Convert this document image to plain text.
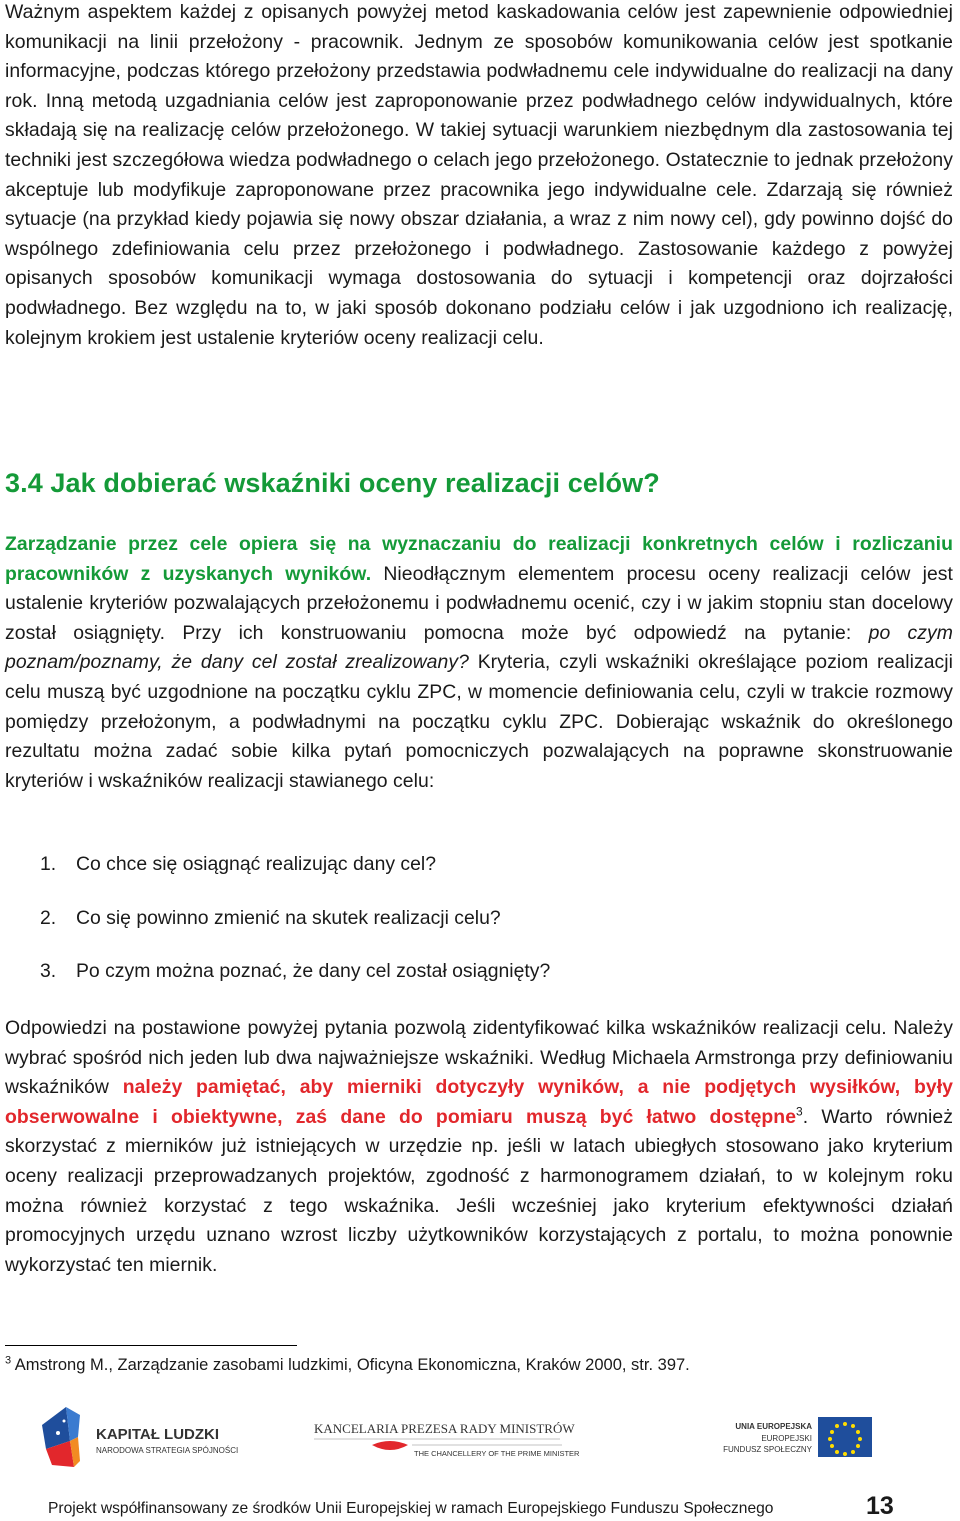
Ważnym aspektem każdej z opisanych powyżej metod kaskadowania celów jest zapewnienie odpowiedniej komunikacji na linii przełożony - pracownik. Jednym ze sposobów komunikowania celów jest spotkanie informacyjne, podczas którego przełożony przedstawia podwładnemu cele indywidualne do realizacji na dany rok. Inną metodą uzgadniania celów jest zaproponowanie przez podwładnego celów indywidualnych, które składają się na realizację celów przełożonego. W takiej sytuacji warunkiem niezbędnym dla zastosowania tej techniki jest szczegółowa wiedza podwładnego o celach jego przełożonego. Ostatecznie to jednak przełożony akceptuje lub modyfikuje zaproponowane przez pracownika jego indywidualne cele. Zdarzają się również sytuacje (na przykład kiedy pojawia się nowy obszar działania, a wraz z nim nowy cel), gdy powinno dojść do wspólnego zdefiniowania celu przez przełożonego i podwładnego. Zastosowanie każdego z powyżej opisanych sposobów komunikacji wymaga dostosowania do sytuacji i kompetencji oraz dojrzałości podwładnego. Bez względu na to, w jaki sposób dokonano podziału celów i jak uzgodniono ich realizację, kolejnym krokiem jest ustalenie kryteriów oceny realizacji celu.

3.4 Jak dobierać wskaźniki oceny realizacji celów?

Zarządzanie przez cele opiera się na wyznaczaniu do realizacji konkretnych celów i rozliczaniu pracowników z uzyskanych wyników. Nieodłącznym elementem procesu oceny realizacji celów jest ustalenie kryteriów pozwalających przełożonemu i podwładnemu ocenić, czy i w jakim stopniu stan docelowy został osiągnięty. Przy ich konstruowaniu pomocna może być odpowiedź na pytanie: po czym poznam/poznamy, że dany cel został zrealizowany? Kryteria, czyli wskaźniki określające poziom realizacji celu muszą być uzgodnione na początku cyklu ZPC, w momencie definiowania celu, czyli w trakcie rozmowy pomiędzy przełożonym, a podwładnymi na początku cyklu ZPC. Dobierając wskaźnik do określonego rezultatu można zadać sobie kilka pytań pomocniczych pozwalających na poprawne skonstruowanie kryteriów i wskaźników realizacji stawianego celu:

1. Co chce się osiągnąć realizując dany cel?
2. Co się powinno zmienić na skutek realizacji celu?
3. Po czym można poznać, że dany cel został osiągnięty?

Odpowiedzi na postawione powyżej pytania pozwolą zidentyfikować kilka wskaźników realizacji celu. Należy wybrać spośród nich jeden lub dwa najważniejsze wskaźniki. Według Michaela Armstronga przy definiowaniu wskaźników należy pamiętać, aby mierniki dotyczyły wyników, a nie podjętych wysiłków, były obserwowalne i obiektywne, zaś dane do pomiaru muszą być łatwo dostępne$^3$. Warto również skorzystać z mierników już istniejących w urzędzie np. jeśli w latach ubiegłych stosowano jako kryterium oceny realizacji przeprowadzanych projektów, zgodność z harmonogramem działań, to w kolejnym roku można również korzystać z tego wskaźnika. Jeśli wcześniej jako kryterium efektywności działań promocyjnych urzędu uznano wzrost liczby użytkowników korzystających z portalu, to można ponownie wykorzystać ten miernik.

$^3$ Amstrong M., Zarządzanie zasobami ludzkimi, Oficyna Ekonomiczna, Kraków 2000, str. 397.

KAPITAŁ LUDZKI
NARODOWA STRATEGIA SPÓJNOŚCI
KANCELARIA PREZESA RADY MINISTRÓW
THE CHANCELLERY OF THE PRIME MINISTER
UNIA EUROPEJSKA
EUROPEJSKI
FUNDUSZ SPOŁECZNY

Projekt współfinansowany ze środków Unii Europejskiej w ramach Europejskiego Funduszu Społecznego	13
